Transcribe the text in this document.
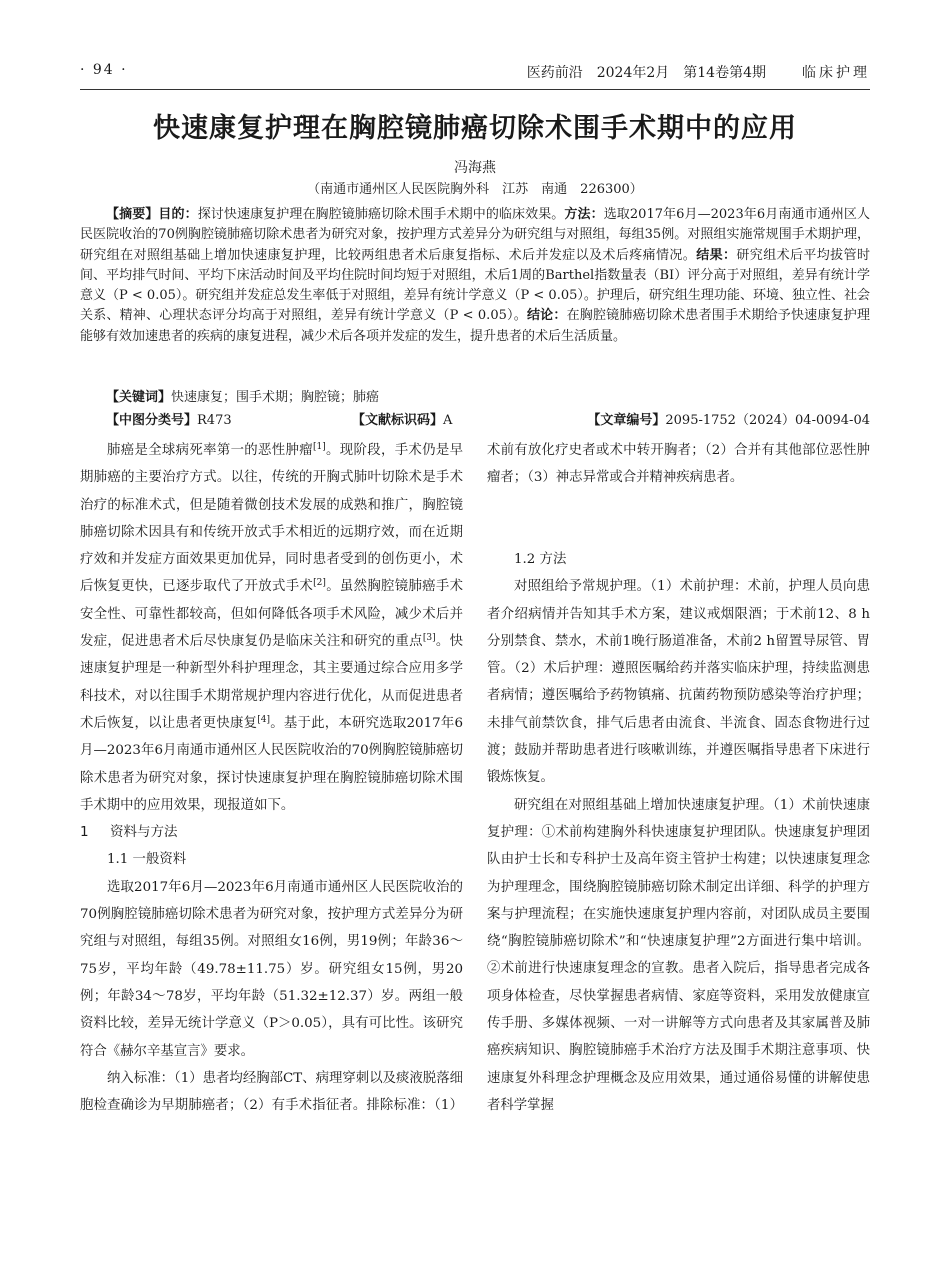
· 94 ·	医药前沿 2024年2月 第14卷第4期	临床护理
快速康复护理在胸腔镜肺癌切除术围手术期中的应用
冯海燕
（南通市通州区人民医院胸外科　江苏　南通　226300）
【摘要】目的：探讨快速康复护理在胸腔镜肺癌切除术围手术期中的临床效果。方法：选取2017年6月—2023年6月南通市通州区人民医院收治的70例胸腔镜肺癌切除术患者为研究对象，按护理方式差异分为研究组与对照组，每组35例。对照组实施常规围手术期护理，研究组在对照组基础上增加快速康复护理，比较两组患者术后康复指标、术后并发症以及术后疼痛情况。结果：研究组术后平均拔管时间、平均排气时间、平均下床活动时间及平均住院时间均短于对照组，术后1周的Barthel指数量表（BI）评分高于对照组，差异有统计学意义（P < 0.05）。研究组并发症总发生率低于对照组，差异有统计学意义（P < 0.05）。护理后，研究组生理功能、环境、独立性、社会关系、精神、心理状态评分均高于对照组，差异有统计学意义（P < 0.05）。结论：在胸腔镜肺癌切除术患者围手术期给予快速康复护理能够有效加速患者的疾病的康复进程，减少术后各项并发症的发生，提升患者的术后生活质量。
【关键词】快速康复；围手术期；胸腔镜；肺癌
【中图分类号】R473	【文献标识码】A	【文章编号】2095-1752（2024）04-0094-04

肺癌是全球病死率第一的恶性肿瘤[1]。现阶段，手术仍是早期肺癌的主要治疗方式。以往，传统的开胸式肺叶切除术是手术治疗的标准术式，但是随着微创技术发展的成熟和推广，胸腔镜肺癌切除术因具有和传统开放式手术相近的远期疗效，而在近期疗效和并发症方面效果更加优异，同时患者受到的创伤更小，术后恢复更快，已逐步取代了开放式手术[2]。虽然胸腔镜肺癌手术安全性、可靠性都较高，但如何降低各项手术风险，减少术后并发症，促进患者术后尽快康复仍是临床关注和研究的重点[3]。快速康复护理是一种新型外科护理理念，其主要通过综合应用多学科技术，对以往围手术期常规护理内容进行优化，从而促进患者术后恢复，以让患者更快康复[4]。基于此，本研究选取2017年6月—2023年6月南通市通州区人民医院收治的70例胸腔镜肺癌切除术患者为研究对象，探讨快速康复护理在胸腔镜肺癌切除术围手术期中的应用效果，现报道如下。

1 资料与方法

1.1 一般资料

选取2017年6月—2023年6月南通市通州区人民医院收治的70例胸腔镜肺癌切除术患者为研究对象，按护理方式差异分为研究组与对照组，每组35例。对照组女16例，男19例；年龄36～75岁，平均年龄（49.78±11.75）岁。研究组女15例，男20例；年龄34～78岁，平均年龄（51.32±12.37）岁。两组一般资料比较，差异无统计学意义（P＞0.05），具有可比性。该研究符合《赫尔辛基宣言》要求。

纳入标准：（1）患者均经胸部CT、病理穿刺以及痰液脱落细胞检查确诊为早期肺癌者；（2）有手术指征者。排除标准：（1）

术前有放化疗史者或术中转开胸者；（2）合并有其他部位恶性肿瘤者；（3）神志异常或合并精神疾病患者。

1.2 方法

对照组给予常规护理。（1）术前护理：术前，护理人员向患者介绍病情并告知其手术方案，建议戒烟限酒；于术前12、8 h分别禁食、禁水，术前1晚行肠道准备，术前2 h留置导尿管、胃管。（2）术后护理：遵照医嘱给药并落实临床护理，持续监测患者病情；遵医嘱给予药物镇痛、抗菌药物预防感染等治疗护理；未排气前禁饮食，排气后患者由流食、半流食、固态食物进行过渡；鼓励并帮助患者进行咳嗽训练，并遵医嘱指导患者下床进行锻炼恢复。

研究组在对照组基础上增加快速康复护理。（1）术前快速康复护理：①术前构建胸外科快速康复护理团队。快速康复护理团队由护士长和专科护士及高年资主管护士构建；以快速康复理念为护理理念，围绕胸腔镜肺癌切除术制定出详细、科学的护理方案与护理流程；在实施快速康复护理内容前，对团队成员主要围绕“胸腔镜肺癌切除术”和“快速康复护理”2方面进行集中培训。②术前进行快速康复理念的宣教。患者入院后，指导患者完成各项身体检查，尽快掌握患者病情、家庭等资料，采用发放健康宣传手册、多媒体视频、一对一讲解等方式向患者及其家属普及肺癌疾病知识、胸腔镜肺癌手术治疗方法及围手术期注意事项、快速康复外科理念护理概念及应用效果，通过通俗易懂的讲解使患者科学掌握
